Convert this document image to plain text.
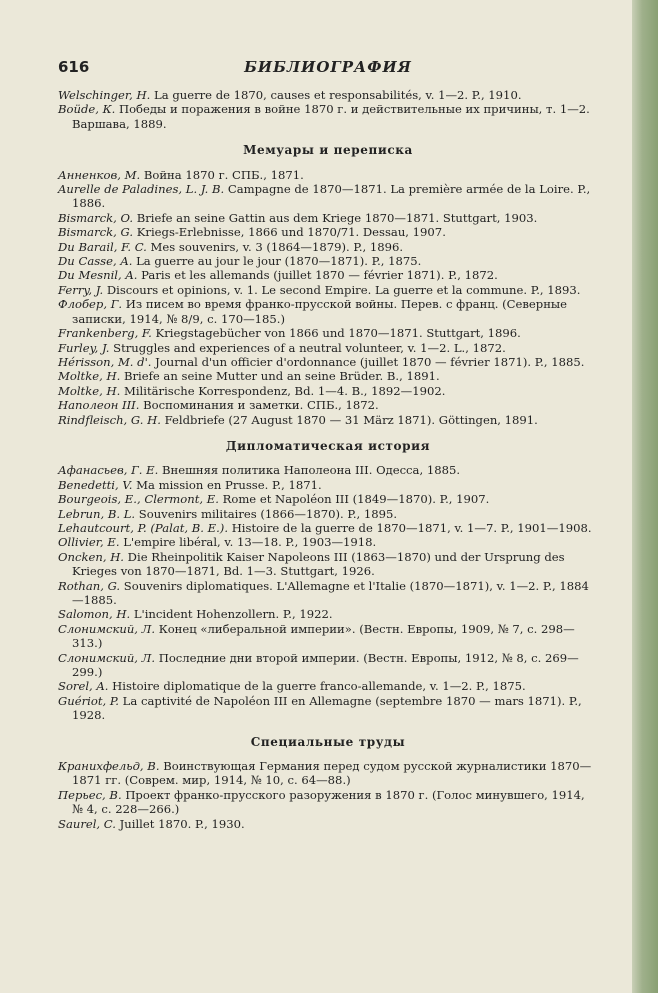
616	БИБЛИОГРАФИЯ

Welschinger, H. La guerre de 1870, causes et responsabilités, v. 1—2. P., 1910.

Boüde, К. Победы и поражения в войне 1870 г. и действительные их причины, т. 1—2. Варшава, 1889.

Мемуары и переписка

Анненков, М. Война 1870 г. СПБ., 1871.

Aurelle de Paladines, L. J. B. Campagne de 1870—1871. La première armée de la Loire. P., 1886.

Bismarck, O. Briefe an seine Gattin aus dem Kriege 1870—1871. Stuttgart, 1903.

Bismarck, G. Kriegs-Erlebnisse, 1866 und 1870/71. Dessau, 1907.

Du Barail, F. C. Mes souvenirs, v. 3 (1864—1879). P., 1896.

Du Casse, A. La guerre au jour le jour (1870—1871). P., 1875.

Du Mesnil, A. Paris et les allemands (juillet 1870 — février 1871). P., 1872.

Ferry, J. Discours et opinions, v. 1. Le second Empire. La guerre et la commune. P., 1893.

Флобер, Г. Из писем во время франко-прусской войны. Перев. с франц. (Северные записки, 1914, № 8/9, с. 170—185.)

Frankenberg, F. Kriegstagebücher von 1866 und 1870—1871. Stuttgart, 1896.

Furley, J. Struggles and experiences of a neutral volunteer, v. 1—2. L., 1872.

Hérisson, M. d'. Journal d'un officier d'ordonnance (juillet 1870 — février 1871). P., 1885.

Moltke, H. Briefe an seine Mutter und an seine Brüder. B., 1891.

Moltke, H. Militärische Korrespondenz, Bd. 1—4. B., 1892—1902.

Наполеон III. Воспоминания и заметки. СПБ., 1872.

Rindfleisch, G. H. Feldbriefe (27 August 1870 — 31 März 1871). Göttingen, 1891.

Дипломатическая история

Афанасьев, Г. Е. Внешняя политика Наполеона III. Одесса, 1885.

Benedetti, V. Ma mission en Prusse. P., 1871.

Bourgeois, E., Clermont, E. Rome et Napoléon III (1849—1870). P., 1907.

Lebrun, B. L. Souvenirs militaires (1866—1870). P., 1895.

Lehautcourt, P. (Palat, B. E.). Histoire de la guerre de 1870—1871, v. 1—7. P., 1901—1908.

Ollivier, E. L'empire libéral, v. 13—18. P., 1903—1918.

Oncken, H. Die Rheinpolitik Kaiser Napoleons III (1863—1870) und der Ursprung des Krieges von 1870—1871, Bd. 1—3. Stuttgart, 1926.

Rothan, G. Souvenirs diplomatiques. L'Allemagne et l'Italie (1870—1871), v. 1—2. P., 1884—1885.

Salomon, H. L'incident Hohenzollern. P., 1922.

Слонимский, Л. Конец «либеральной империи». (Вестн. Европы, 1909, № 7, с. 298—313.)

Слонимский, Л. Последние дни второй империи. (Вестн. Европы, 1912, № 8, с. 269—299.)

Sorel, A. Histoire diplomatique de la guerre franco-allemande, v. 1—2. P., 1875.

Guériot, P. La captivité de Napoléon III en Allemagne (septembre 1870 — mars 1871). P., 1928.

Специальные труды

Кранихфельд, В. Воинствующая Германия перед судом русской журналистики 1870—1871 гг. (Соврем. мир, 1914, № 10, с. 64—88.)

Перьес, В. Проект франко-прусского разоружения в 1870 г. (Голос минувшего, 1914, № 4, с. 228—266.)

Saurel, C. Juillet 1870. P., 1930.
